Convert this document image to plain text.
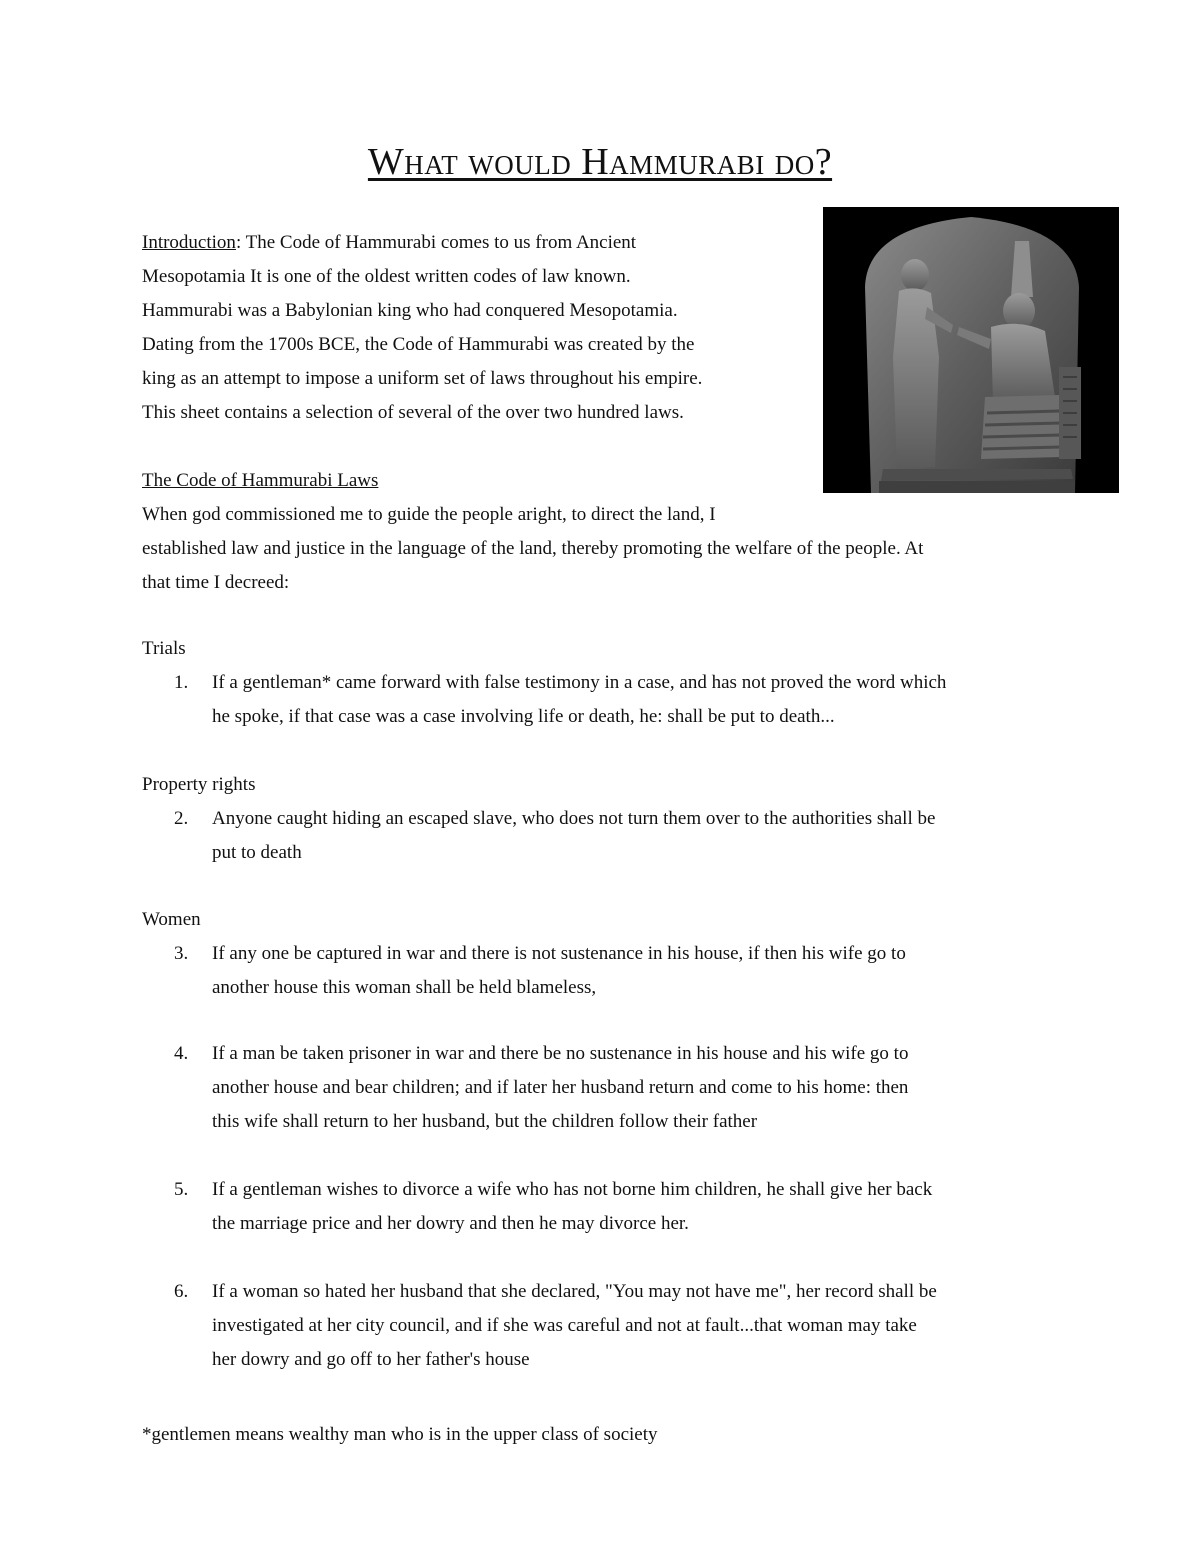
What would Hammurabi do?
Introduction: The Code of Hammurabi comes to us from Ancient
Mesopotamia It is one of the oldest written codes of law known.
Hammurabi was a Babylonian king who had conquered Mesopotamia.
Dating from the 1700s BCE, the Code of Hammurabi was created by the
king as an attempt to impose a uniform set of laws throughout his empire.
This sheet contains a selection of several of the over two hundred laws.
The Code of Hammurabi Laws
When god commissioned me to guide the people aright, to direct the land, I
established law and justice in the language of the land, thereby promoting the welfare of the people. At
that time I decreed:
Trials
1.	If a gentleman* came forward with false testimony in a case, and has not proved the word which
he spoke, if that case was a case involving life or death, he: shall be put to death...
Property rights
2.	Anyone caught hiding an escaped slave, who does not turn them over to the authorities shall be
put to death
Women
3.	If any one be captured in war and there is not sustenance in his house, if then his wife go to
another house this woman shall be held blameless,
4.	If a man be taken prisoner in war and there be no sustenance in his house and his wife go to
another house and bear children; and if later her husband return and come to his home: then
this wife shall return to her husband, but the children follow their father
5.	If a gentleman wishes to divorce a wife who has not borne him children, he shall give her back
the marriage price and her dowry and then he may divorce her.
6.	If a woman so hated her husband that she declared, "You may not have me", her record shall be
investigated at her city council, and if she was careful and not at fault...that woman may take
her dowry and go off to her father's house
*gentlemen means wealthy man who is in the upper class of society
